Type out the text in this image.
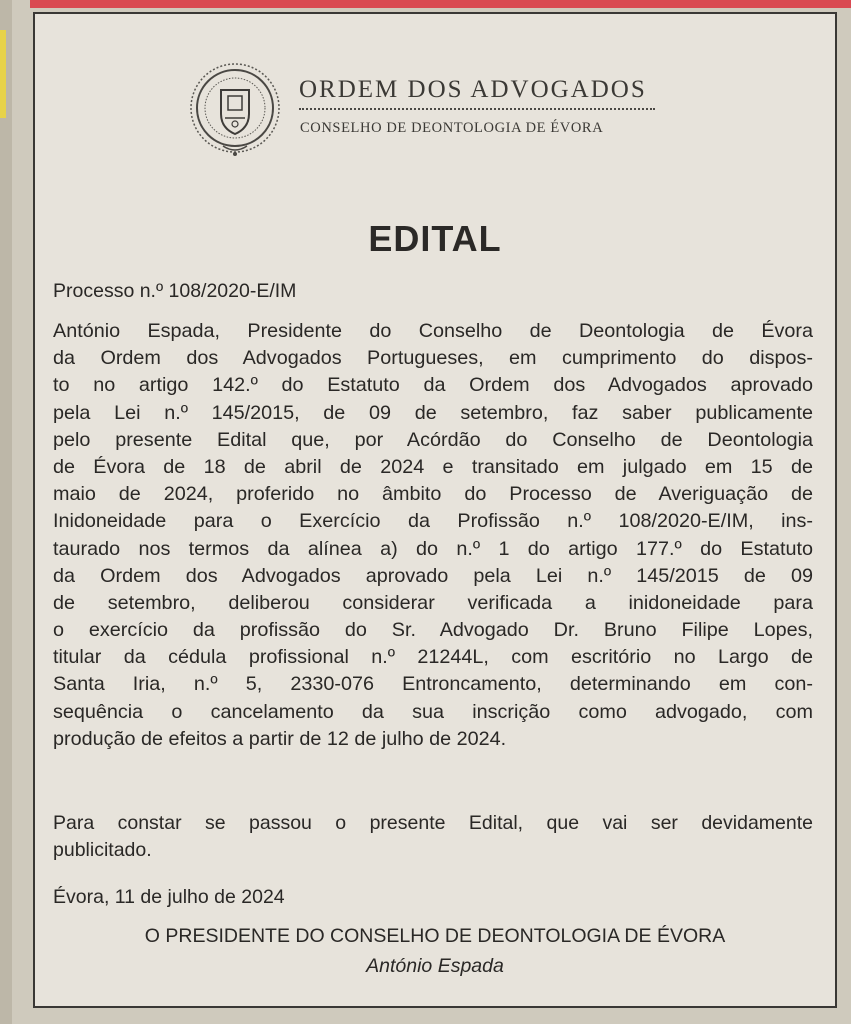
ORDEM DOS ADVOGADOS
CONSELHO DE DEONTOLOGIA DE ÉVORA
EDITAL
Processo n.º 108/2020-E/IM
António Espada, Presidente do Conselho de Deontologia de Évora
da Ordem dos Advogados Portugueses, em cumprimento do dispos-
to no artigo 142.º do Estatuto da Ordem dos Advogados aprovado
pela Lei n.º 145/2015, de 09 de setembro, faz saber publicamente
pelo presente Edital que, por Acórdão do Conselho de Deontologia
de Évora de 18 de abril de 2024 e transitado em julgado em 15 de
maio de 2024, proferido no âmbito do Processo de Averiguação de
Inidoneidade para o Exercício da Profissão n.º 108/2020-E/IM, ins-
taurado nos termos da alínea a) do n.º 1 do artigo 177.º do Estatuto
da Ordem dos Advogados aprovado pela Lei n.º 145/2015 de 09
de setembro, deliberou considerar verificada a inidoneidade para
o exercício da profissão do Sr. Advogado Dr. Bruno Filipe Lopes,
titular da cédula profissional n.º 21244L, com escritório no Largo de
Santa Iria, n.º 5, 2330-076 Entroncamento, determinando em con-
sequência o cancelamento da sua inscrição como advogado, com
produção de efeitos a partir de 12 de julho de 2024.
Para constar se passou o presente Edital, que vai ser devidamente
publicitado.
Évora, 11 de julho de 2024
O PRESIDENTE DO CONSELHO DE DEONTOLOGIA DE ÉVORA
António Espada
